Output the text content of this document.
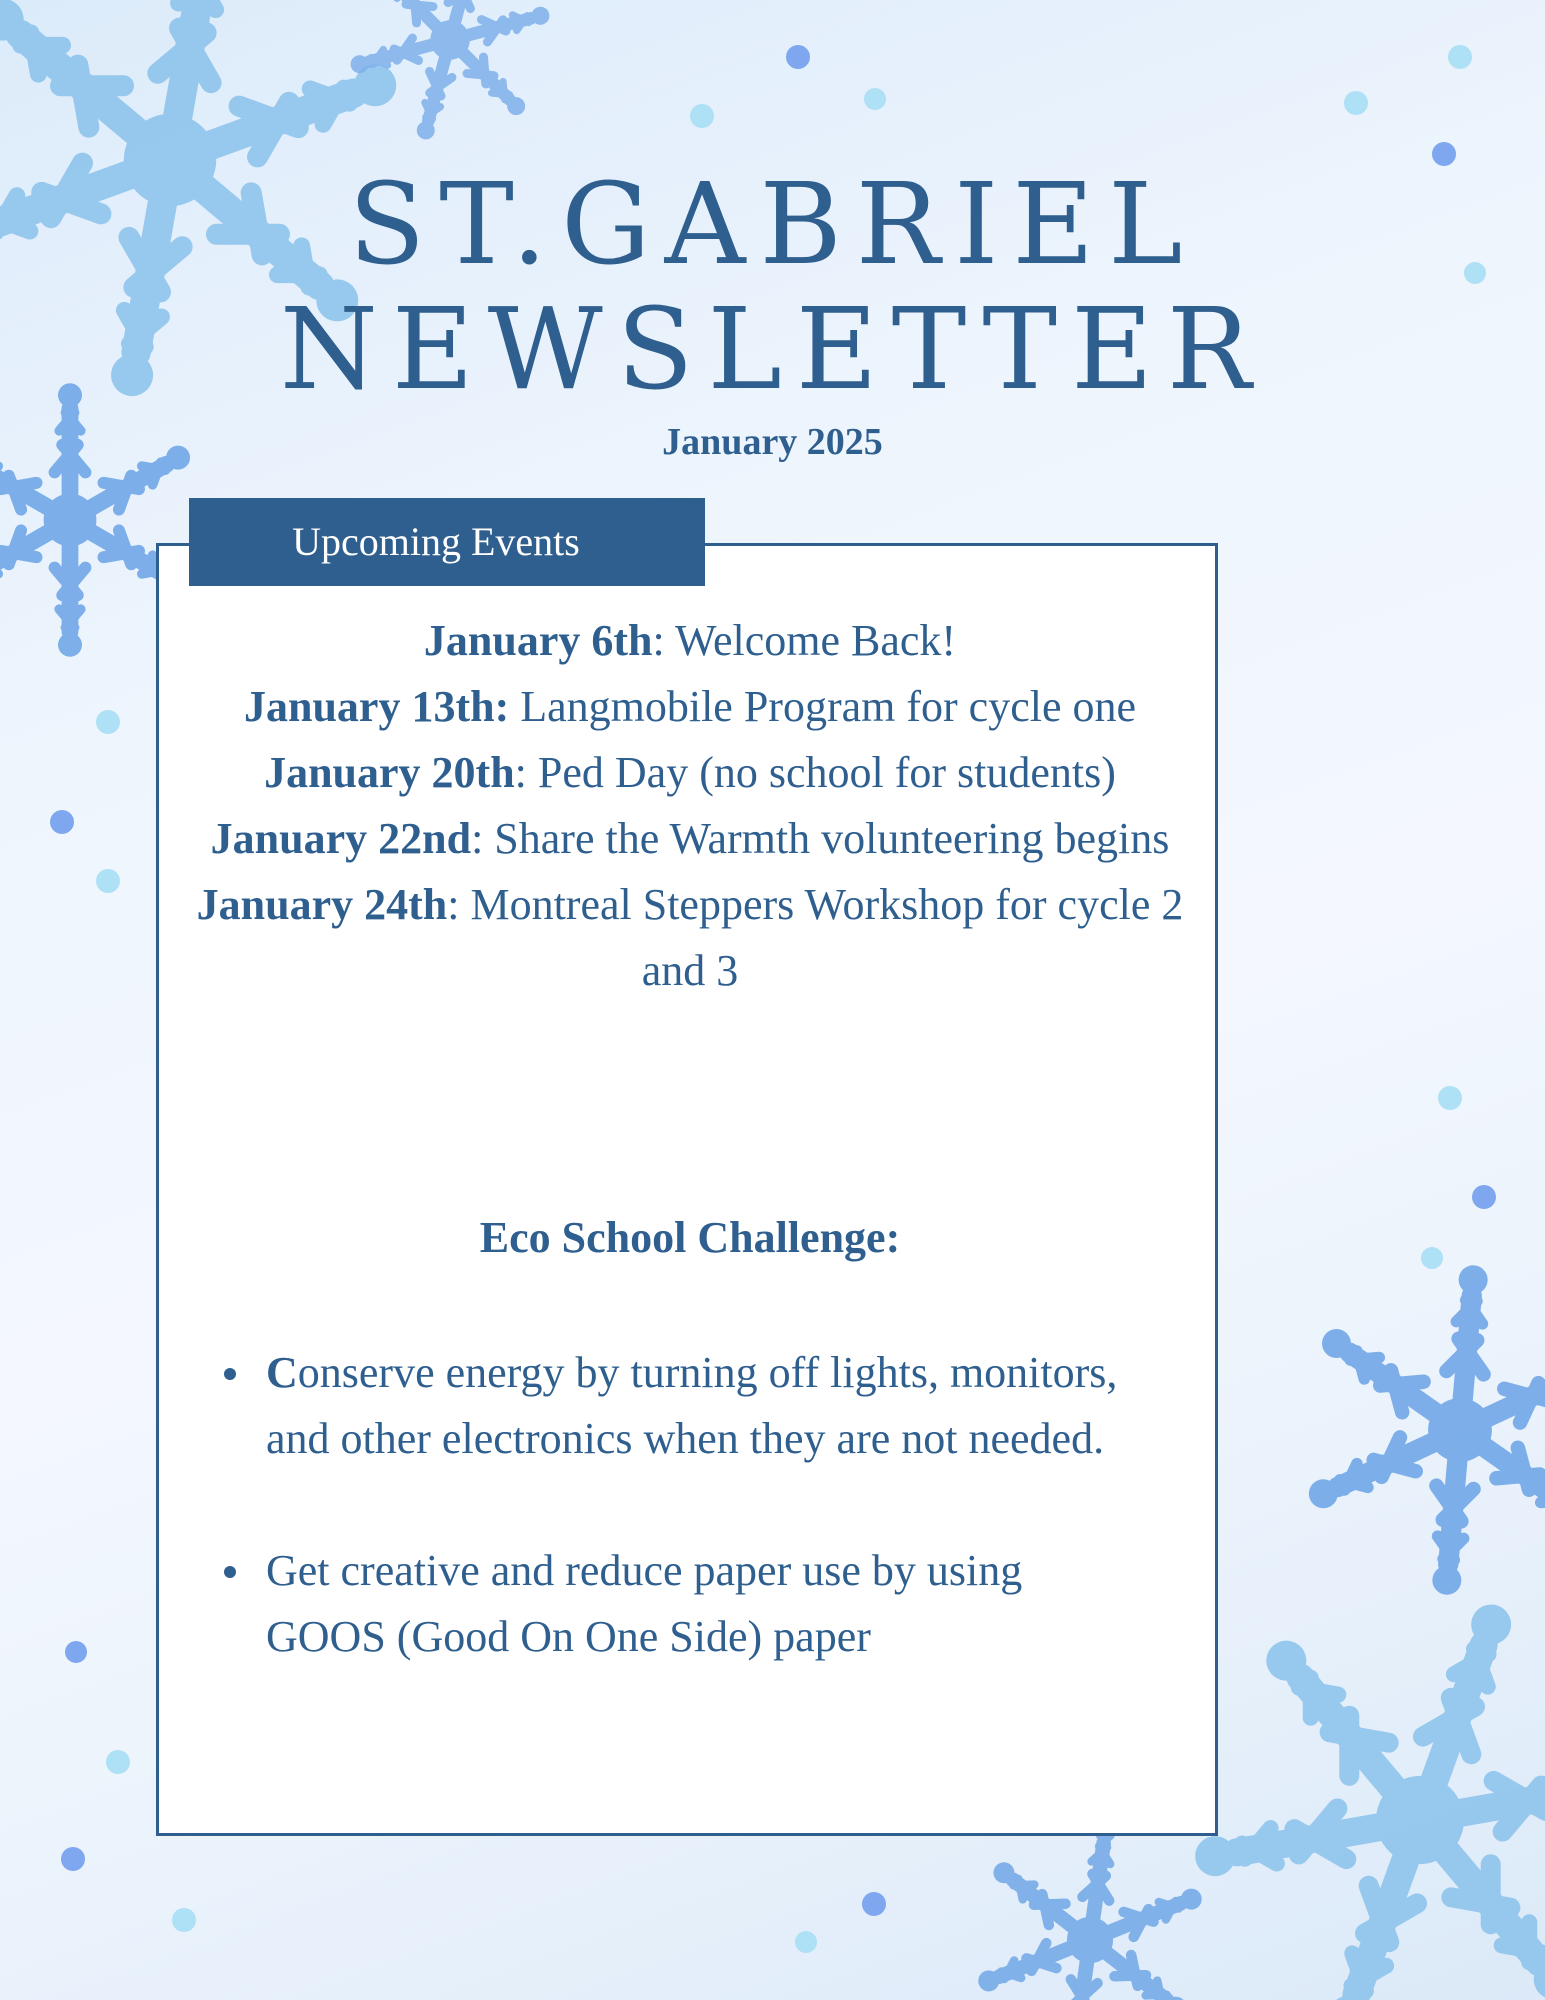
ST.GABRIEL
NEWSLETTER
January 2025
Upcoming Events

January 6th: Welcome Back!

January 13th: Langmobile Program for cycle one

January 20th: Ped Day (no school for students)

January 22nd: Share the Warmth volunteering begins

January 24th: Montreal Steppers Workshop for cycle 2 and 3

Eco School Challenge:
Conserve energy by turning off lights, monitors, and other electronics when they are not needed.
Get creative and reduce paper use by using GOOS (Good On One Side) paper
